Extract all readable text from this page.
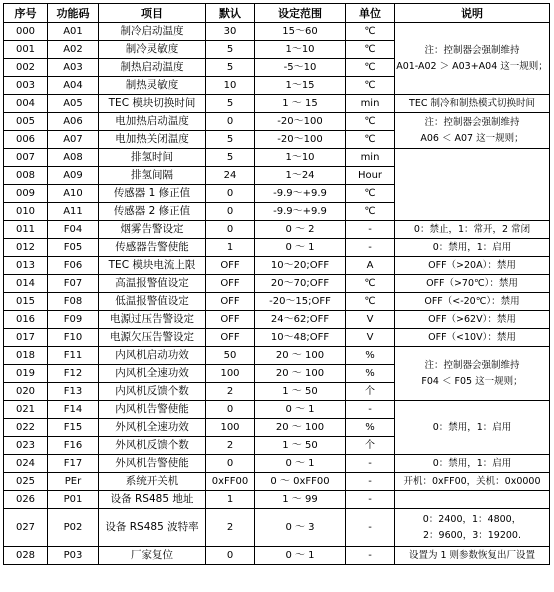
序号	功能码	项目	默认	设定范围	单位	说明
000	A01	制冷启动温度	30	15～60	℃	注：控制器会强制维持
A01-A02 ＞ A03+A04 这一规则；

001	A02	制冷灵敏度	5	1～10	℃	
002	A03	制热启动温度	5	-5～10	℃	
003	A04	制热灵敏度	10	1～15	℃	
004	A05	TEC 模块切换时间	5	1 ～ 15	min	TEC 制冷和制热模式切换时间
005	A06	电加热启动温度	0	-20～100	℃	注：控制器会强制维持
A06 ＜ A07 这一规则；

006	A07	电加热关闭温度	5	-20～100	℃	
007	A08	排氢时间	5	1～10	min	
008	A09	排氢间隔	24	1～24	Hour	
009	A10	传感器 1 修正值	0	-9.9～+9.9	℃	
010	A11	传感器 2 修正值	0	-9.9～+9.9	℃	
011	F04	烟雾告警设定	0	0 ～ 2	-	0：禁止，1：常开，2 常闭
012	F05	传感器告警使能	1	0 ～ 1	-	0：禁用，1：启用
013	F06	TEC 模块电流上限	OFF	10～20;OFF	A	OFF（>20A）：禁用
014	F07	高温报警值设定	OFF	20～70;OFF	℃	OFF（>70℃）：禁用
015	F08	低温报警值设定	OFF	-20～15;OFF	℃	OFF（<-20℃）：禁用
016	F09	电源过压告警设定	OFF	24～62;OFF	V	OFF（>62V）：禁用
017	F10	电源欠压告警设定	OFF	10～48;OFF	V	OFF（<10V）：禁用
018	F11	内风机启动功效	50	20 ～ 100	%	注：控制器会强制维持
F04 ＜ F05 这一规则；

019	F12	内风机全速功效	100	20 ～ 100	%	
020	F13	内风机反馈个数	2	1 ～ 50	个	
021	F14	内风机告警使能	0	0 ～ 1	-	0：禁用，1：启用
022	F15	外风机全速功效	100	20 ～ 100	%	
023	F16	外风机反馈个数	2	1 ～ 50	个	
024	F17	外风机告警使能	0	0 ～ 1	-	0：禁用，1：启用
025	PEr	系统开关机	0xFF00	0 ～ 0xFF00	-	开机：0xFF00，关机：0x0000
026	P01	设备 RS485 地址	1	1 ～ 99	-	
027	P02	设备 RS485 波特率	2	0 ～ 3	-	0：2400，1：4800，
2：9600，3：19200.

028	P03	厂家复位	0	0 ～ 1	-	设置为 1 则参数恢复出厂设置
